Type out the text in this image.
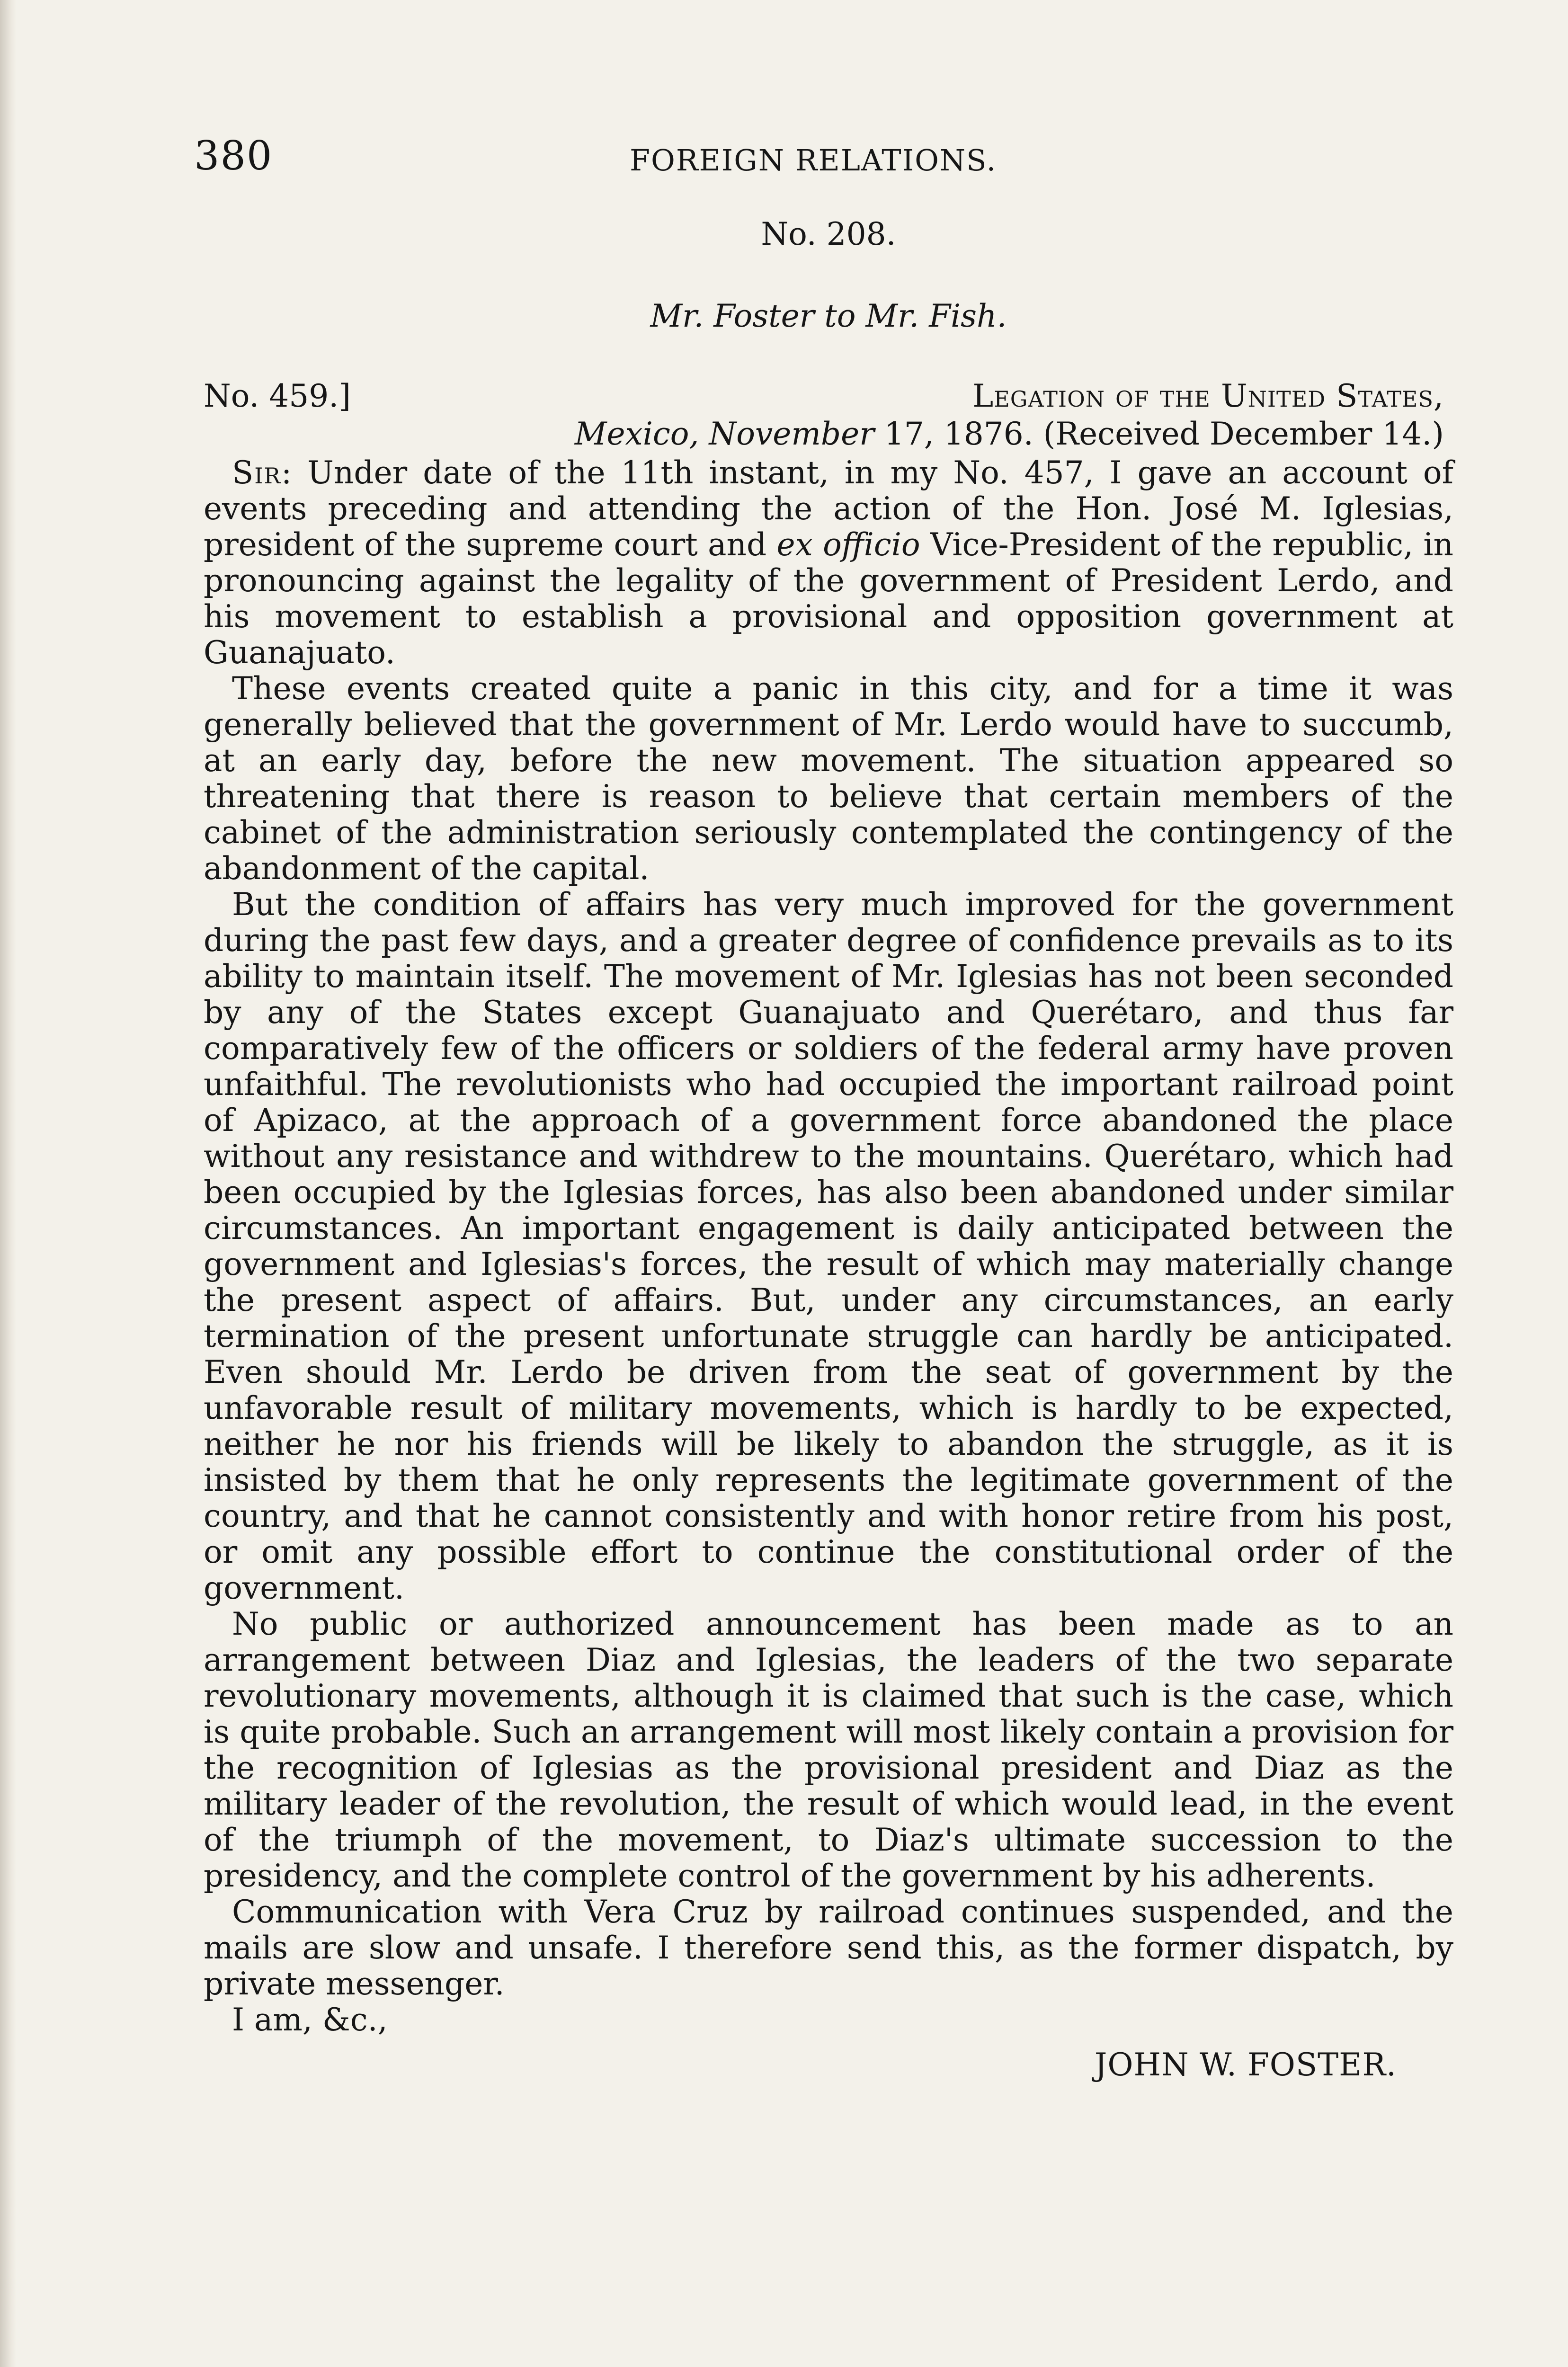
380	FOREIGN RELATIONS.
No. 208.
Mr. Foster to Mr. Fish.
No. 459.]	Legation of the United States,
Mexico, November 17, 1876. (Received December 14.)

Sir: Under date of the 11th instant, in my No. 457, I gave an account of events preceding and attending the action of the Hon. José M. Iglesias, president of the supreme court and ex officio Vice-President of the republic, in pronouncing against the legality of the government of President Lerdo, and his movement to establish a provisional and opposition government at Guanajuato.

These events created quite a panic in this city, and for a time it was generally believed that the government of Mr. Lerdo would have to succumb, at an early day, before the new movement. The situation appeared so threatening that there is reason to believe that certain members of the cabinet of the administration seriously contemplated the contingency of the abandonment of the capital.

But the condition of affairs has very much improved for the government during the past few days, and a greater degree of confidence prevails as to its ability to maintain itself. The movement of Mr. Iglesias has not been seconded by any of the States except Guanajuato and Querétaro, and thus far comparatively few of the officers or soldiers of the federal army have proven unfaithful. The revolutionists who had occupied the important railroad point of Apizaco, at the approach of a government force abandoned the place without any resistance and withdrew to the mountains. Querétaro, which had been occupied by the Iglesias forces, has also been abandoned under similar circumstances. An important engagement is daily anticipated between the government and Iglesias's forces, the result of which may materially change the present aspect of affairs. But, under any circumstances, an early termination of the present unfortunate struggle can hardly be anticipated. Even should Mr. Lerdo be driven from the seat of government by the unfavorable result of military movements, which is hardly to be expected, neither he nor his friends will be likely to abandon the struggle, as it is insisted by them that he only represents the legitimate government of the country, and that he cannot consistently and with honor retire from his post, or omit any possible effort to continue the constitutional order of the government.

No public or authorized announcement has been made as to an arrangement between Diaz and Iglesias, the leaders of the two separate revolutionary movements, although it is claimed that such is the case, which is quite probable. Such an arrangement will most likely contain a provision for the recognition of Iglesias as the provisional president and Diaz as the military leader of the revolution, the result of which would lead, in the event of the triumph of the movement, to Diaz's ultimate succession to the presidency, and the complete control of the government by his adherents.

Communication with Vera Cruz by railroad continues suspended, and the mails are slow and unsafe. I therefore send this, as the former dispatch, by private messenger.

I am, &c.,
JOHN W. FOSTER.
